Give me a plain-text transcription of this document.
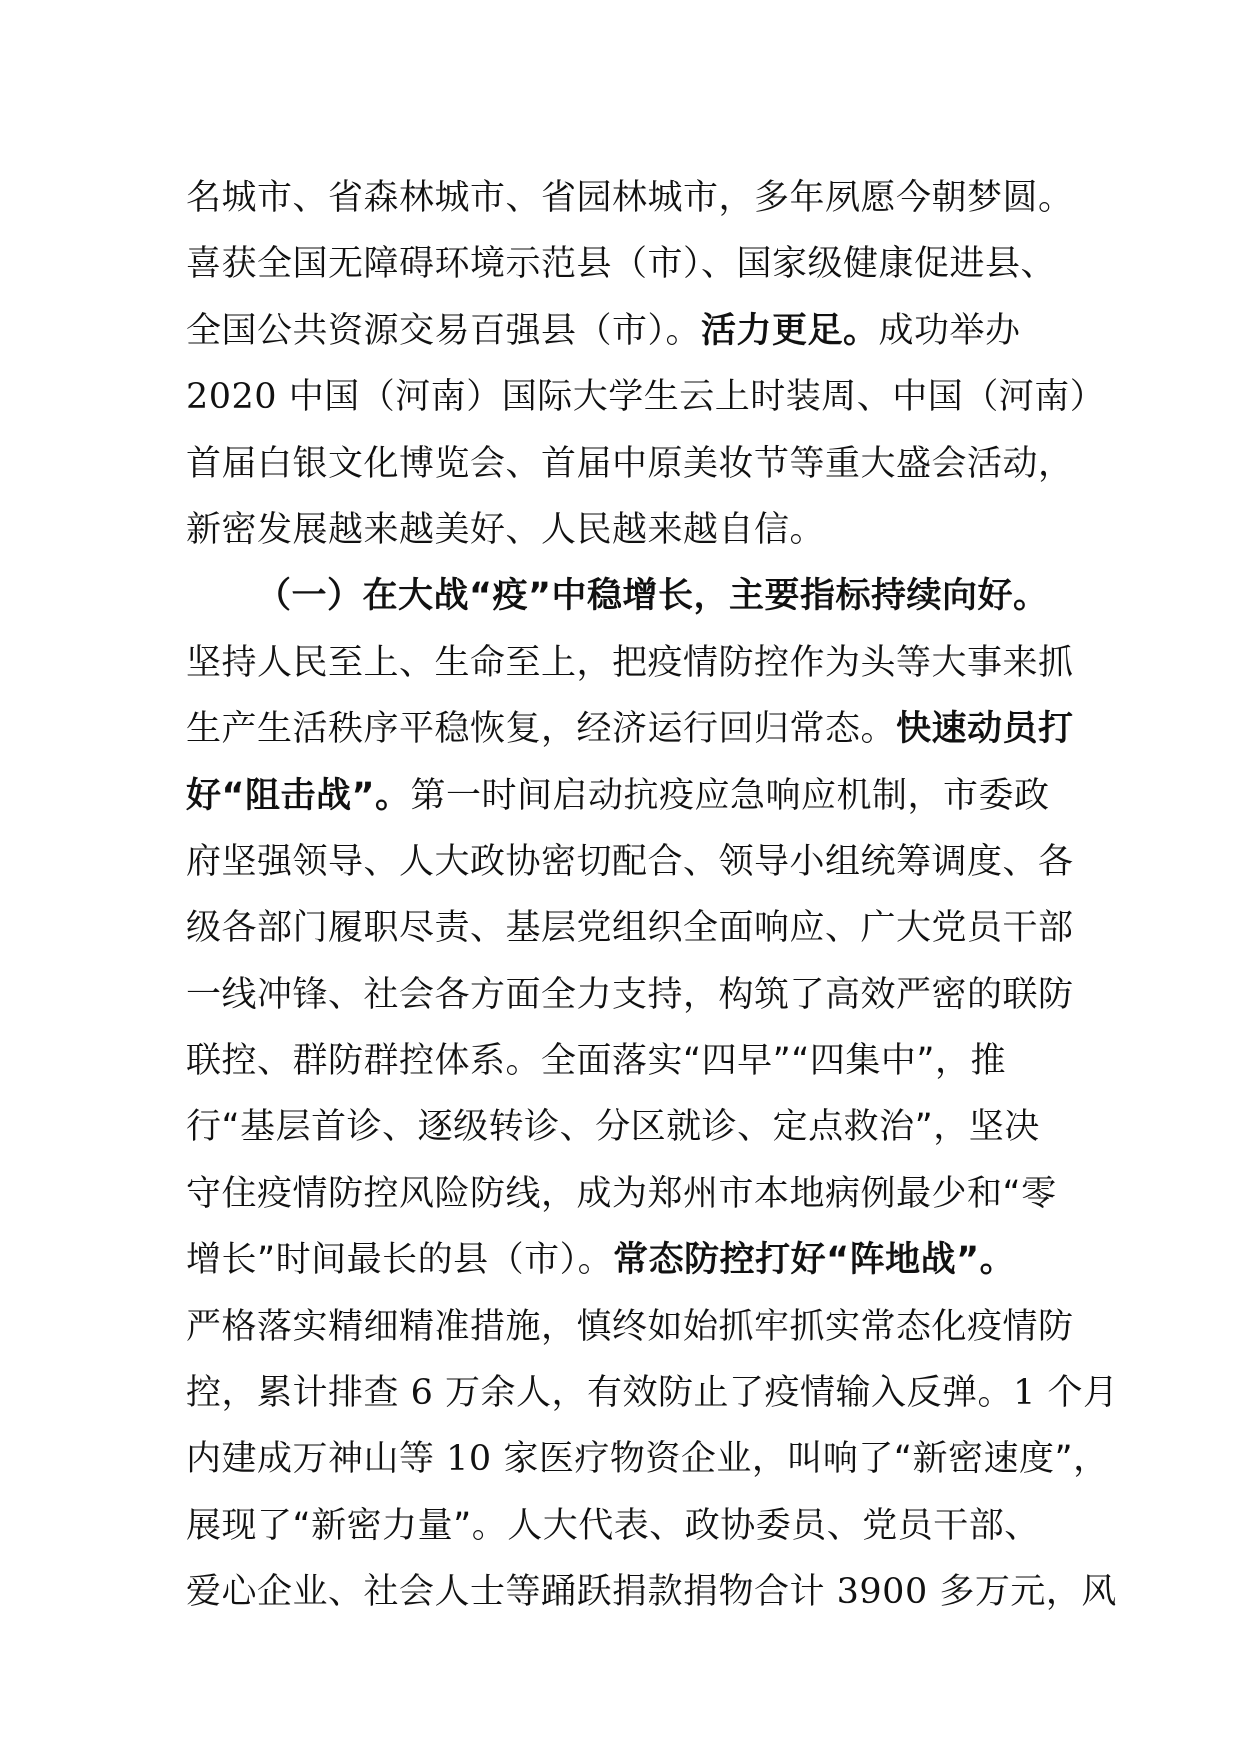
名城市、省森林城市、省园林城市，多年夙愿今朝梦圆。
喜获全国无障碍环境示范县（市）、国家级健康促进县、
全国公共资源交易百强县（市）。活力更足。成功举办
2020 中国（河南）国际大学生云上时装周、中国（河南）
首届白银文化博览会、首届中原美妆节等重大盛会活动，
新密发展越来越美好、人民越来越自信。
（一）在大战“疫”中稳增长，主要指标持续向好。
坚持人民至上、生命至上，把疫情防控作为头等大事来抓
生产生活秩序平稳恢复，经济运行回归常态。快速动员打
好“阻击战”。第一时间启动抗疫应急响应机制，市委政
府坚强领导、人大政协密切配合、领导小组统筹调度、各
级各部门履职尽责、基层党组织全面响应、广大党员干部
一线冲锋、社会各方面全力支持，构筑了高效严密的联防
联控、群防群控体系。全面落实“四早”“四集中”，推
行“基层首诊、逐级转诊、分区就诊、定点救治”，坚决
守住疫情防控风险防线，成为郑州市本地病例最少和“零
增长”时间最长的县（市）。常态防控打好“阵地战”。
严格落实精细精准措施，慎终如始抓牢抓实常态化疫情防
控，累计排查 6 万余人，有效防止了疫情输入反弹。1 个月
内建成万神山等 10 家医疗物资企业，叫响了“新密速度”，
展现了“新密力量”。人大代表、政协委员、党员干部、
爱心企业、社会人士等踊跃捐款捐物合计 3900 多万元，风
